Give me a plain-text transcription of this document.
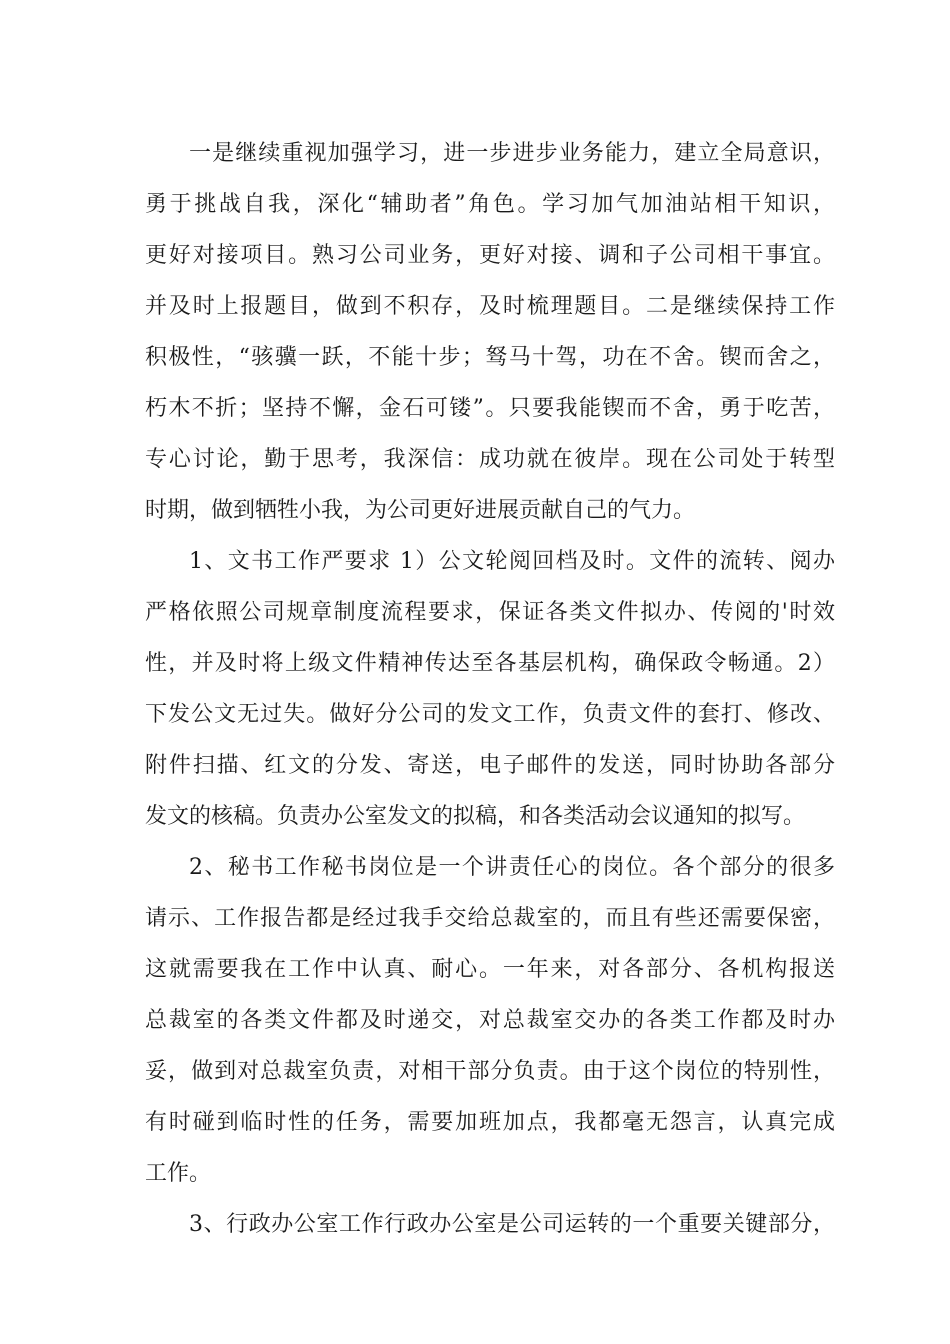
一是继续重视加强学习，进一步进步业务能力，建立全局意识，
勇于挑战自我，深化“辅助者”角色。学习加气加油站相干知识，
更好对接项目。熟习公司业务，更好对接、调和子公司相干事宜。
并及时上报题目，做到不积存，及时梳理题目。二是继续保持工作
积极性，“骇骥一跃，不能十步；驽马十驾，功在不舍。锲而舍之，
朽木不折；坚持不懈，金石可镂”。只要我能锲而不舍，勇于吃苦，
专心讨论，勤于思考，我深信：成功就在彼岸。现在公司处于转型
时期，做到牺牲小我，为公司更好进展贡献自己的气力。
1、文书工作严要求 1）公文轮阅回档及时。文件的流转、阅办
严格依照公司规章制度流程要求，保证各类文件拟办、传阅的'时效
性，并及时将上级文件精神传达至各基层机构，确保政令畅通。2）
下发公文无过失。做好分公司的发文工作，负责文件的套打、修改、
附件扫描、红文的分发、寄送，电子邮件的发送，同时协助各部分
发文的核稿。负责办公室发文的拟稿，和各类活动会议通知的拟写。
2、秘书工作秘书岗位是一个讲责任心的岗位。各个部分的很多
请示、工作报告都是经过我手交给总裁室的，而且有些还需要保密，
这就需要我在工作中认真、耐心。一年来，对各部分、各机构报送
总裁室的各类文件都及时递交，对总裁室交办的各类工作都及时办
妥，做到对总裁室负责，对相干部分负责。由于这个岗位的特别性，
有时碰到临时性的任务，需要加班加点，我都毫无怨言，认真完成
工作。
3、行政办公室工作行政办公室是公司运转的一个重要关键部分，
